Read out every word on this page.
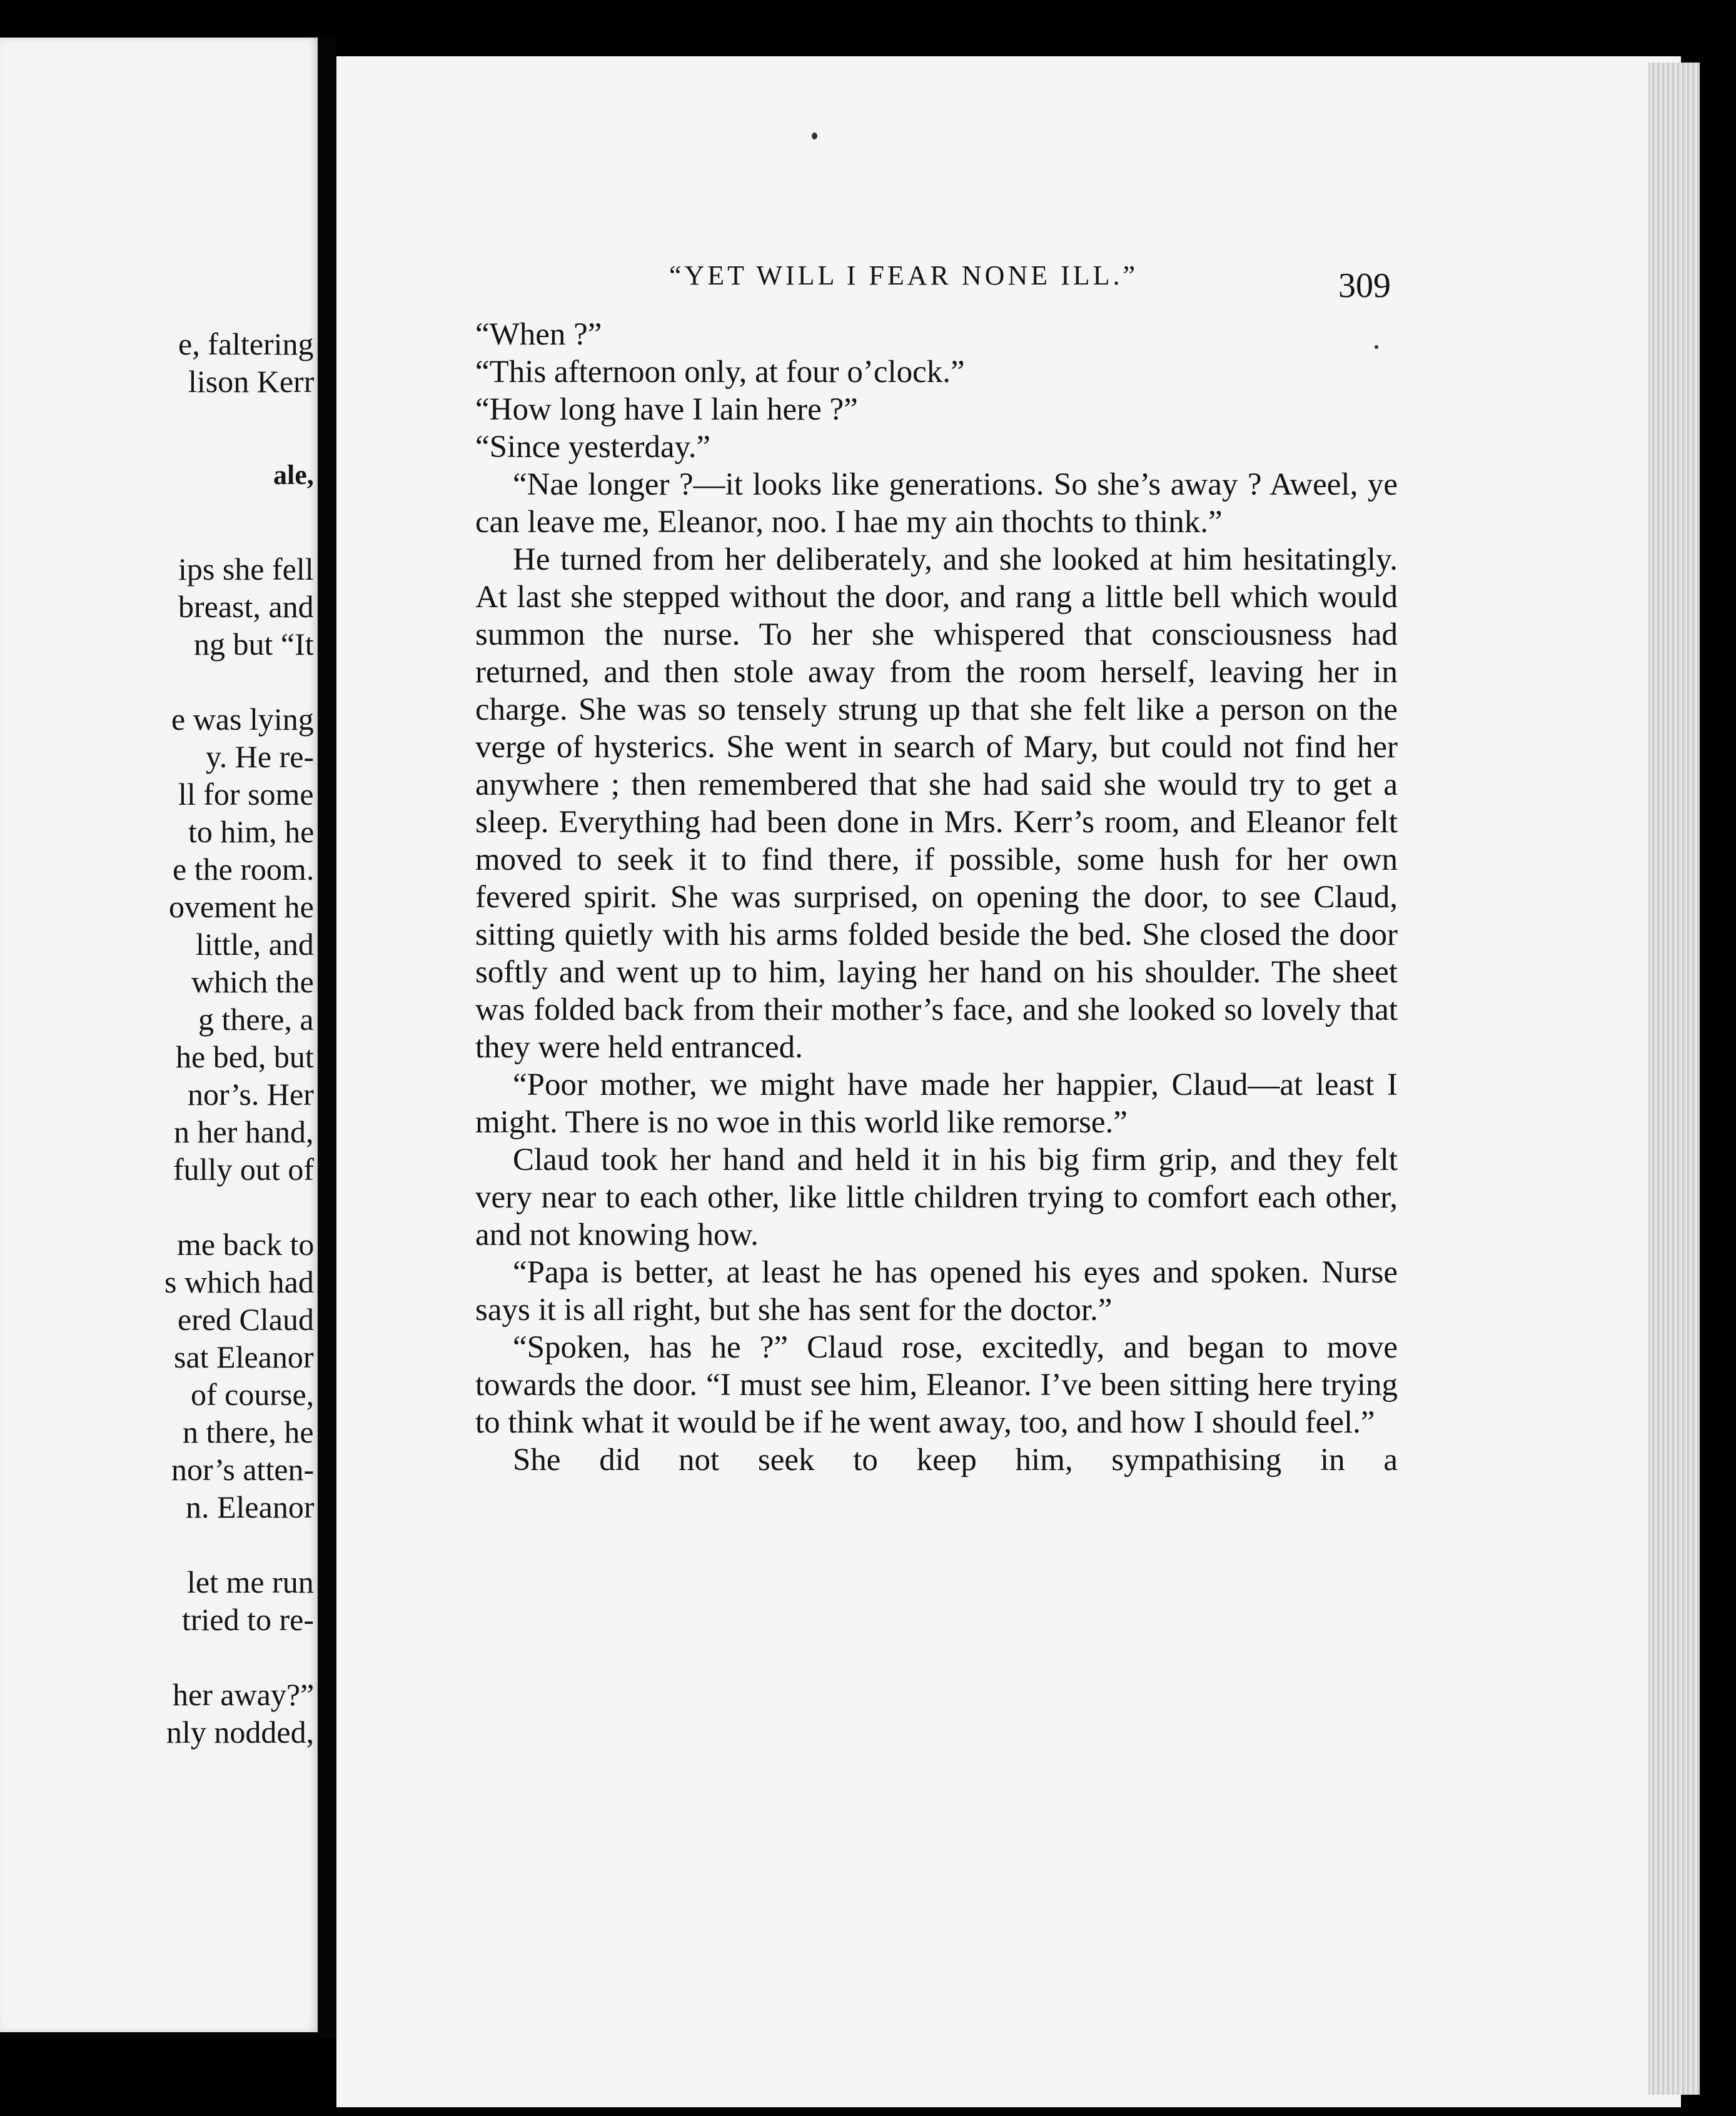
e, faltering
lison Kerr
ale,
ips she fell
breast, and
ng but “It
e was lying
y. He re-
ll for some
to him, he
e the room.
ovement he
little, and
which the
g there, a
he bed, but
nor’s. Her
n her hand,
fully out of
me back to
s which had
ered Claud
sat Eleanor
of course,
n there, he
nor’s atten-
n. Eleanor
let me run
tried to re-
her away?”
nly nodded,
“YET WILL I FEAR NONE ILL.”	309

“When ?”

“This afternoon only, at four o’clock.”

“How long have I lain here ?”

“Since yesterday.”

“Nae longer ?—it looks like generations. So she’s away ? Aweel, ye can leave me, Eleanor, noo. I hae my ain thochts to think.”

He turned from her deliberately, and she looked at him hesitatingly. At last she stepped without the door, and rang a little bell which would summon the nurse. To her she whispered that consciousness had returned, and then stole away from the room herself, leaving her in charge. She was so tensely strung up that she felt like a person on the verge of hysterics. She went in search of Mary, but could not find her anywhere ; then remembered that she had said she would try to get a sleep. Everything had been done in Mrs. Kerr’s room, and Eleanor felt moved to seek it to find there, if possible, some hush for her own fevered spirit. She was surprised, on opening the door, to see Claud, sitting quietly with his arms folded beside the bed. She closed the door softly and went up to him, laying her hand on his shoulder. The sheet was folded back from their mother’s face, and she looked so lovely that they were held entranced.

“Poor mother, we might have made her happier, Claud—at least I might. There is no woe in this world like remorse.”

Claud took her hand and held it in his big firm grip, and they felt very near to each other, like little children trying to comfort each other, and not knowing how.

“Papa is better, at least he has opened his eyes and spoken. Nurse says it is all right, but she has sent for the doctor.”

“Spoken, has he ?” Claud rose, excitedly, and began to move towards the door. “I must see him, Eleanor. I’ve been sitting here trying to think what it would be if he went away, too, and how I should feel.”

She did not seek to keep him, sympathising in a
